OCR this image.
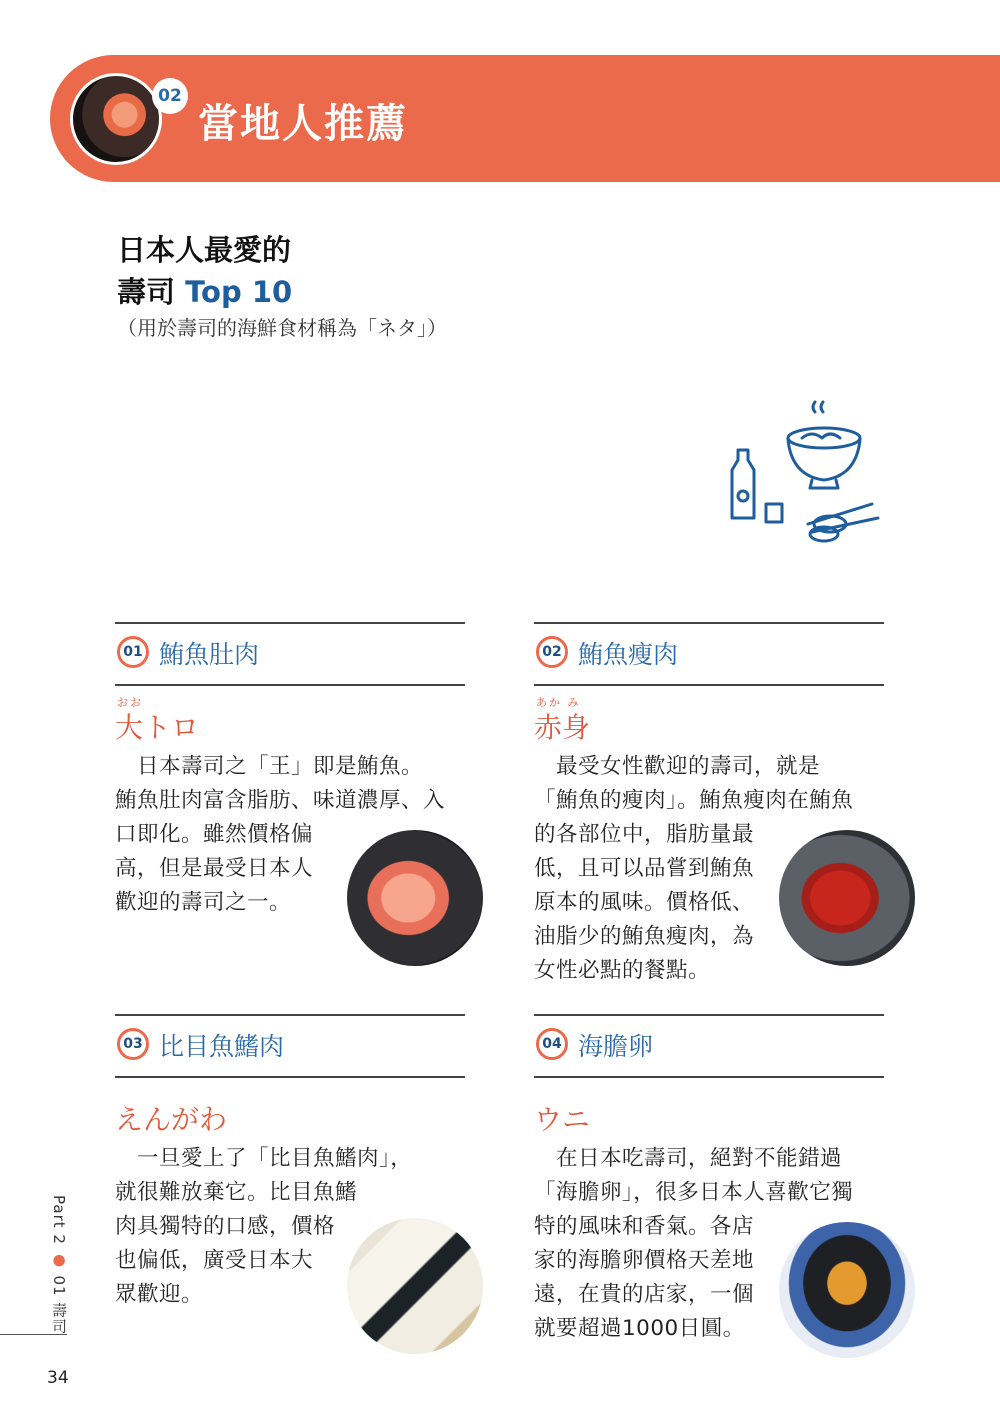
02
當地人推薦
日本人最愛的
壽司 Top 10
（用於壽司的海鮮食材稱為「ネタ」）
01 鮪魚肚肉
おお
大トロ
　日本壽司之「王」即是鮪魚。
鮪魚肚肉富含脂肪、味道濃厚、入
口即化。雖然價格偏
高，但是最受日本人
歡迎的壽司之一。
02 鮪魚瘦肉
あか み
赤身
　最受女性歡迎的壽司，就是
「鮪魚的瘦肉」。鮪魚瘦肉在鮪魚
的各部位中，脂肪量最
低，且可以品嘗到鮪魚
原本的風味。價格低、
油脂少的鮪魚瘦肉，為
女性必點的餐點。
03 比目魚鰭肉
えんがわ
　一旦愛上了「比目魚鰭肉」，
就很難放棄它。比目魚鰭
肉具獨特的口感，價格
也偏低，廣受日本大
眾歡迎。
04 海膽卵
ウニ
　在日本吃壽司，絕對不能錯過
「海膽卵」，很多日本人喜歡它獨
特的風味和香氣。各店
家的海膽卵價格天差地
遠，在貴的店家，一個
就要超過1000日圓。
Part 2 ● 01 壽司
34
